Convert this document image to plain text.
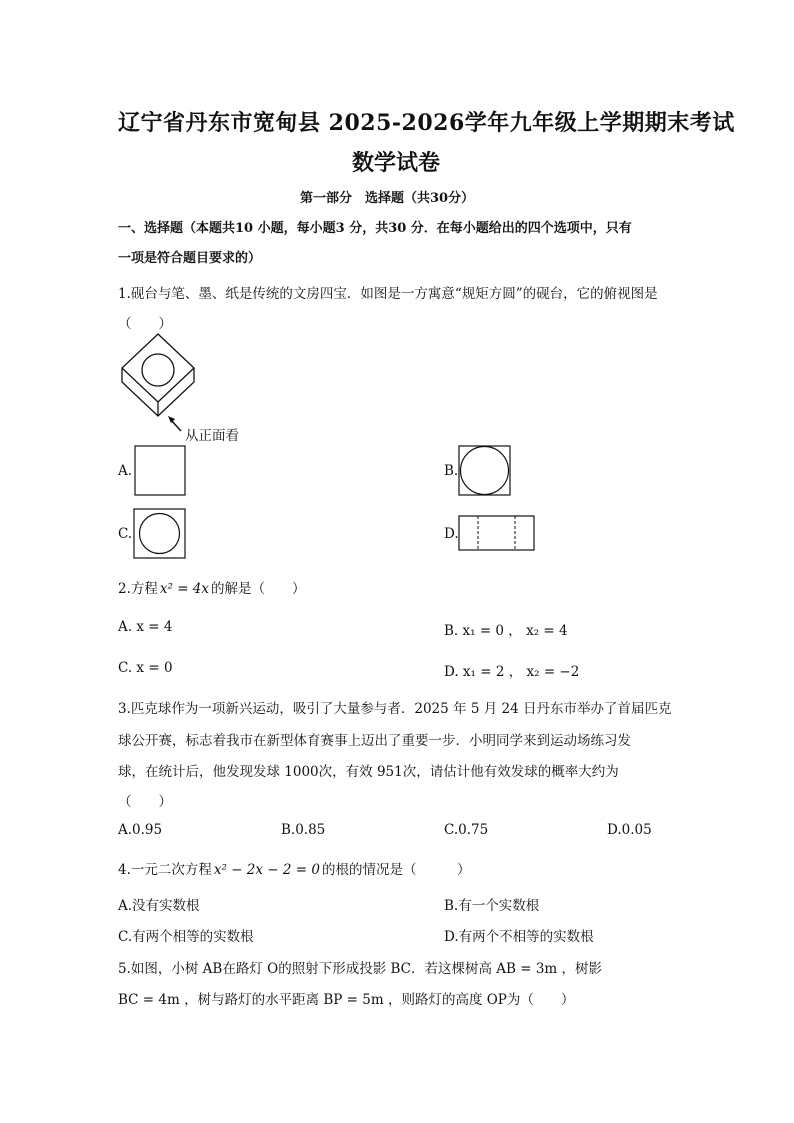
辽宁省丹东市宽甸县 2025-2026学年九年级上学期期末考试
数学试卷
第一部分　选择题（共30分）
一、选择题（本题共10 小题，每小题3 分，共30 分．在每小题给出的四个选项中，只有
一项是符合题目要求的）
1.砚台与笔、墨、纸是传统的文房四宝．如图是一方寓意“规矩方圆”的砚台，它的俯视图是
（　　）
从正面看
A.	B.
C.	D.
2.方程 x² = 4x 的解是（　　）
A. x = 4	B. x₁ = 0 ， x₂ = 4
C. x = 0	D. x₁ = 2 ， x₂ = −2
3.匹克球作为一项新兴运动，吸引了大量参与者．2025 年 5 月 24 日丹东市举办了首届匹克
球公开赛，标志着我市在新型体育赛事上迈出了重要一步．小明同学来到运动场练习发
球，在统计后，他发现发球 1000次，有效 951次，请估计他有效发球的概率大约为
（　　）
A.0.95	B.0.85	C.0.75	D.0.05
4.一元二次方程 x² − 2x − 2 = 0 的根的情况是（　　　）
A.没有实数根	B.有一个实数根
C.有两个相等的实数根	D.有两个不相等的实数根
5.如图，小树 AB在路灯 O的照射下形成投影 BC．若这棵树高 AB = 3m ，树影
BC = 4m ，树与路灯的水平距离 BP = 5m ，则路灯的高度 OP为（　　）
